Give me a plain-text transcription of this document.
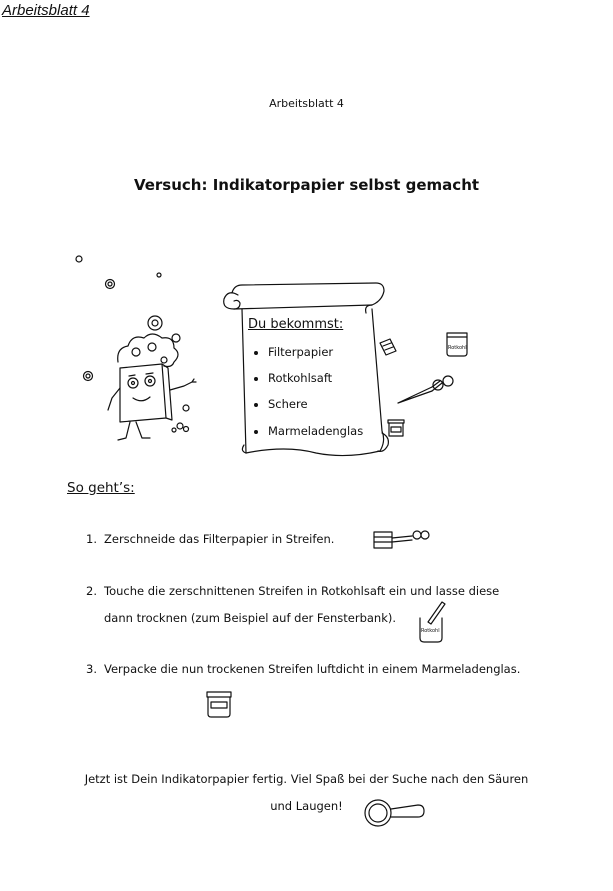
Arbeitsblatt 4
Arbeitsblatt 4
Versuch: Indikatorpapier selbst gemacht
Du bekommst:
Filterpapier
Rotkohlsaft
Schere
Marmeladenglas
Rotkohl
So geht’s:
1. Zerschneide das Filterpapier in Streifen.
2. Touche die zerschnittenen Streifen in Rotkohlsaft ein und lasse diese
dann trocknen (zum Beispiel auf der Fensterbank).
Rotkohl
3. Verpacke die nun trockenen Streifen luftdicht in einem Marmeladenglas.
Jetzt ist Dein Indikatorpapier fertig. Viel Spaß bei der Suche nach den Säuren
und Laugen!
